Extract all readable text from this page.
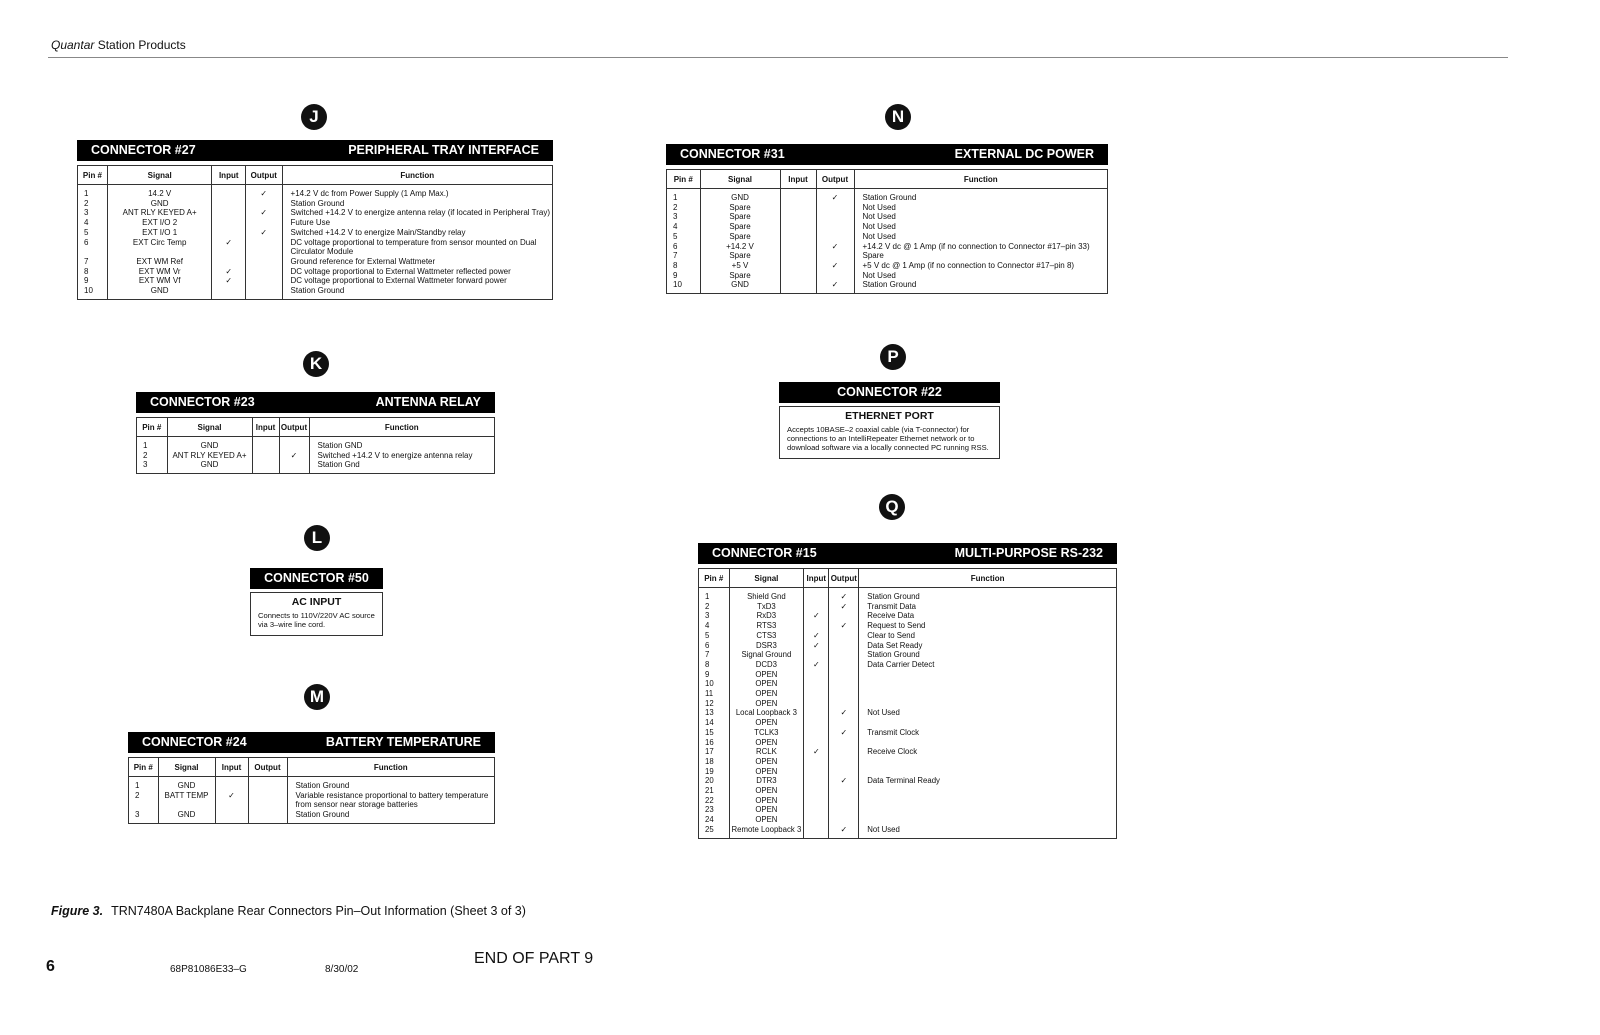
Quantar Station Products
J
K
L
M
N
P
Q
CONNECTOR #27	PERIPHERAL TRAY INTERFACE
Pin #	Signal	Input	Output	Function
1	14.2 V		✓	+14.2 V dc from Power Supply (1 Amp Max.)
2	GND			Station Ground
3	ANT RLY KEYED A+		✓	Switched +14.2 V to energize antenna relay (if located in Peripheral Tray)
4	EXT I/O 2			Future Use
5	EXT I/O 1		✓	Switched +14.2 V to energize Main/Standby relay
6	EXT Circ Temp	✓		DC voltage proportional to temperature from sensor mounted on Dual
				Circulator Module
7	EXT WM Ref			Ground reference for External Wattmeter
8	EXT WM Vr	✓		DC voltage proportional to External Wattmeter reflected power
9	EXT WM Vf	✓		DC voltage proportional to External Wattmeter forward power
10	GND			Station Ground
CONNECTOR #23	ANTENNA RELAY
Pin #	Signal	Input	Output	Function
1	GND			Station GND
2	ANT RLY KEYED A+		✓	Switched +14.2 V to energize antenna relay
3	GND			Station Gnd
CONNECTOR #50
AC INPUT
Connects to 110V/220V AC source via 3–wire line cord.
CONNECTOR #24	BATTERY TEMPERATURE
Pin #	Signal	Input	Output	Function
1	GND			Station Ground
2	BATT TEMP	✓		Variable resistance proportional to battery temperature
				from sensor near storage batteries
3	GND			Station Ground
CONNECTOR #31	EXTERNAL DC POWER
Pin #	Signal	Input	Output	Function
1	GND		✓	Station Ground
2	Spare			Not Used
3	Spare			Not Used
4	Spare			Not Used
5	Spare			Not Used
6	+14.2 V		✓	+14.2 V dc @ 1 Amp (if no connection to Connector #17–pin 33)
7	Spare			Spare
8	+5 V		✓	+5 V dc @ 1 Amp (if no connection to Connector #17–pin 8)
9	Spare			Not Used
10	GND		✓	Station Ground
CONNECTOR #22
ETHERNET PORT
Accepts 10BASE–2 coaxial cable (via T-connector) for connections to an IntelliRepeater Ethernet network or to download software via a locally connected PC running RSS.
CONNECTOR #15	MULTI-PURPOSE RS-232
Pin #	Signal	Input	Output	Function
1	Shield Gnd		✓	Station Ground
2	TxD3		✓	Transmit Data
3	RxD3	✓		Receive Data
4	RTS3		✓	Request to Send
5	CTS3	✓		Clear to Send
6	DSR3	✓		Data Set Ready
7	Signal Ground			Station Ground
8	DCD3	✓		Data Carrier Detect
9	OPEN			
10	OPEN			
11	OPEN			
12	OPEN			
13	Local Loopback 3		✓	Not Used
14	OPEN			
15	TCLK3		✓	Transmit Clock
16	OPEN			
17	RCLK	✓		Receive Clock
18	OPEN			
19	OPEN			
20	DTR3		✓	Data Terminal Ready
21	OPEN			
22	OPEN			
23	OPEN			
24	OPEN			
25	Remote Loopback 3		✓	Not Used
Figure 3. TRN7480A Backplane Rear Connectors Pin–Out Information (Sheet 3 of 3)
6	68P81086E33–G	8/30/02
END OF PART 9
